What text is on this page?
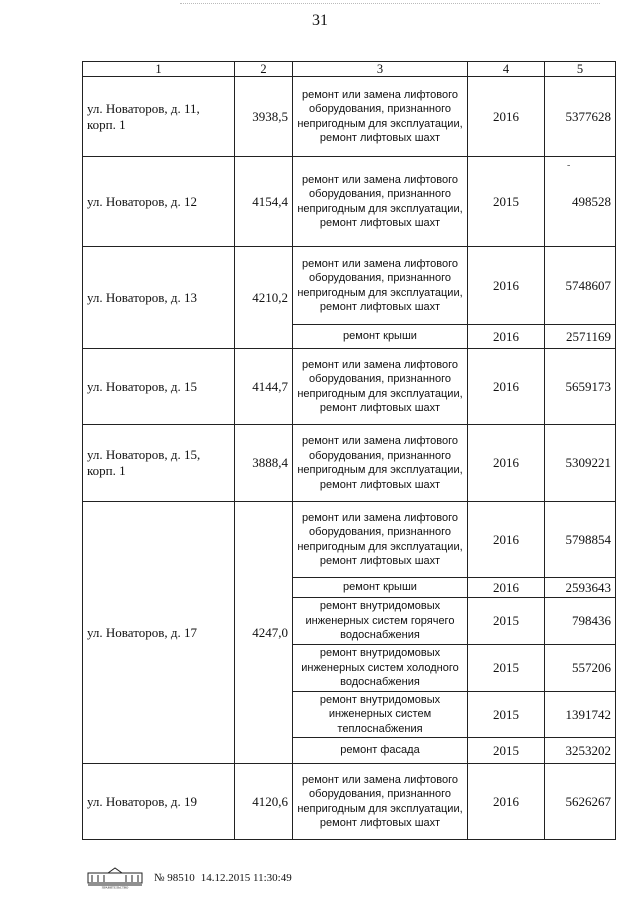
31
1	2	3	4	5
ул. Новаторов, д. 11, корп. 1	3938,5	ремонт или замена лифтового оборудования, признанного непригодным для эксплуатации, ремонт лифтовых шахт	2016	5377628
ул. Новаторов, д. 12	4154,4	ремонт или замена лифтового оборудования, признанного непригодным для эксплуатации, ремонт лифтовых шахт	2015	498528
ул. Новаторов, д. 13	4210,2	ремонт или замена лифтового оборудования, признанного непригодным для эксплуатации, ремонт лифтовых шахт	2016	5748607
		ремонт крыши	2016	2571169
ул. Новаторов, д. 15	4144,7	ремонт или замена лифтового оборудования, признанного непригодным для эксплуатации, ремонт лифтовых шахт	2016	5659173
ул. Новаторов, д. 15, корп. 1	3888,4	ремонт или замена лифтового оборудования, признанного непригодным для эксплуатации, ремонт лифтовых шахт	2016	5309221
ул. Новаторов, д. 17	4247,0	ремонт или замена лифтового оборудования, признанного непригодным для эксплуатации, ремонт лифтовых шахт	2016	5798854
		ремонт крыши	2016	2593643
		ремонт внутридомовых инженерных систем горячего водоснабжения	2015	798436
		ремонт внутридомовых инженерных систем холодного водоснабжения	2015	557206
		ремонт внутридомовых инженерных систем теплоснабжения	2015	1391742
		ремонт фасада	2015	3253202
ул. Новаторов, д. 19	4120,6	ремонт или замена лифтового оборудования, признанного непригодным для эксплуатации, ремонт лифтовых шахт	2016	5626267
-
ПРАВИТЕЛЬСТВО
№ 98510 14.12.2015 11:30:49
